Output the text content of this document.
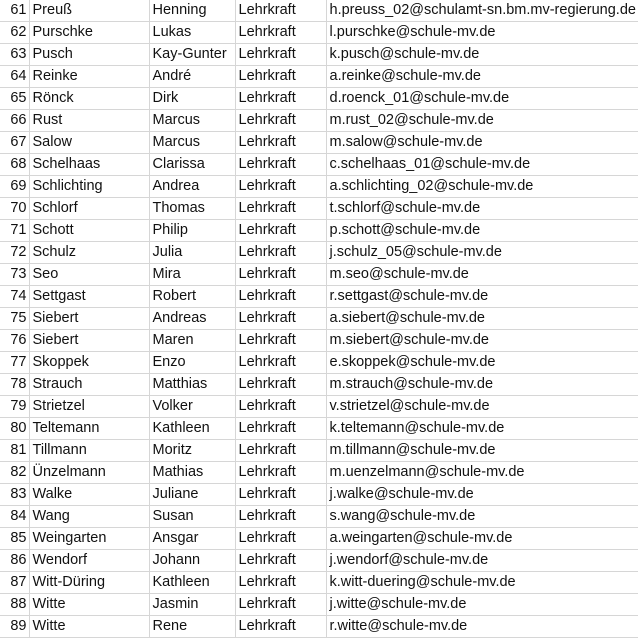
61	Preuß	Henning	Lehrkraft	h.preuss_02@schulamt-sn.bm.mv-regierung.de
62	Purschke	Lukas	Lehrkraft	l.purschke@schule-mv.de
63	Pusch	Kay-Gunter	Lehrkraft	k.pusch@schule-mv.de
64	Reinke	André	Lehrkraft	a.reinke@schule-mv.de
65	Rönck	Dirk	Lehrkraft	d.roenck_01@schule-mv.de
66	Rust	Marcus	Lehrkraft	m.rust_02@schule-mv.de
67	Salow	Marcus	Lehrkraft	m.salow@schule-mv.de
68	Schelhaas	Clarissa	Lehrkraft	c.schelhaas_01@schule-mv.de
69	Schlichting	Andrea	Lehrkraft	a.schlichting_02@schule-mv.de
70	Schlorf	Thomas	Lehrkraft	t.schlorf@schule-mv.de
71	Schott	Philip	Lehrkraft	p.schott@schule-mv.de
72	Schulz	Julia	Lehrkraft	j.schulz_05@schule-mv.de
73	Seo	Mira	Lehrkraft	m.seo@schule-mv.de
74	Settgast	Robert	Lehrkraft	r.settgast@schule-mv.de
75	Siebert	Andreas	Lehrkraft	a.siebert@schule-mv.de
76	Siebert	Maren	Lehrkraft	m.siebert@schule-mv.de
77	Skoppek	Enzo	Lehrkraft	e.skoppek@schule-mv.de
78	Strauch	Matthias	Lehrkraft	m.strauch@schule-mv.de
79	Strietzel	Volker	Lehrkraft	v.strietzel@schule-mv.de
80	Teltemann	Kathleen	Lehrkraft	k.teltemann@schule-mv.de
81	Tillmann	Moritz	Lehrkraft	m.tillmann@schule-mv.de
82	Ünzelmann	Mathias	Lehrkraft	m.uenzelmann@schule-mv.de
83	Walke	Juliane	Lehrkraft	j.walke@schule-mv.de
84	Wang	Susan	Lehrkraft	s.wang@schule-mv.de
85	Weingarten	Ansgar	Lehrkraft	a.weingarten@schule-mv.de
86	Wendorf	Johann	Lehrkraft	j.wendorf@schule-mv.de
87	Witt-Düring	Kathleen	Lehrkraft	k.witt-duering@schule-mv.de
88	Witte	Jasmin	Lehrkraft	j.witte@schule-mv.de
89	Witte	Rene	Lehrkraft	r.witte@schule-mv.de
